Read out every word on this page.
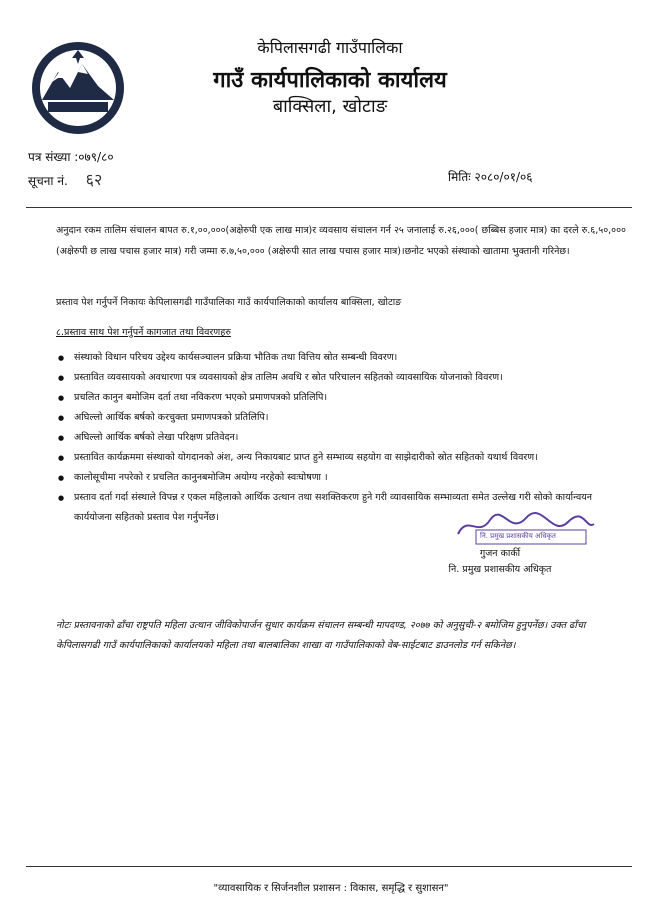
केपिलासगढी गाउँपालिका
गाउँ कार्यपालिकाको कार्यालय
बाक्सिला, खोटाङ
पत्र संख्या :०७९/८०
सूचना नं. ६२	मितिः २०८०/०१/०६
अनुदान रकम तालिम संचालन बापत रु.१,००,०००(अक्षेरुपी एक लाख मात्र)र व्यवसाय संचालन गर्न २५ जनालाई रु.२६,०००( छब्बिस हजार मात्र) का दरले रु.६,५०,००० (अक्षेरुपी छ लाख पचास हजार मात्र) गरी जम्मा रु.७,५०,००० (अक्षेरुपी सात लाख पचास हजार मात्र)।छनोट भएको संस्थाको खातामा भुक्तानी गरिनेछ।
प्रस्ताव पेश गर्नुपर्ने निकायः केपिलासगढी गाउँपालिका गाउँ कार्यपालिकाको कार्यालय बाक्सिला, खोटाङ
८.प्रस्ताव साथ पेश गर्नुपर्ने कागजात तथा विवरणहरु
● संस्थाको विधान परिचय उद्देश्य कार्यसञ्चालन प्रक्रिया भौतिक तथा वित्तिय स्रोत सम्बन्धी विवरण।
● प्रस्तावित व्यवसायको अवधारणा पत्र व्यवसायको क्षेत्र तालिम अवधि र स्रोत परिचालन सहितको व्यावसायिक योजनाको विवरण।
● प्रचलित कानुन बमोजिम दर्ता तथा नविकरण भएको प्रमाणपत्रको प्रतिलिपि।
● अघिल्लो आर्थिक बर्षको करचुक्ता प्रमाणपत्रको प्रतिलिपि।
● अघिल्लो आर्थिक बर्षको लेखा परिक्षण प्रतिवेदन।
● प्रस्तावित कार्यक्रममा संस्थाको योगदानको अंश, अन्य निकायबाट प्राप्त हुने सम्भाव्य सहयोग वा साझेदारीको स्रोत सहितको यथार्थ विवरण।
● कालोसूचीमा नपरेको र प्रचलित कानुनबमोजिम अयोग्य नरहेको स्वःघोषणा ।
● प्रस्ताव दर्ता गर्दा संस्थाले विपन्न र एकल महिलाको आर्थिक उत्थान तथा सशक्तिकरण हुने गरी व्यावसायिक सम्भाव्यता समेत उल्लेख गरी सोको कार्यान्वयन कार्ययोजना सहितको प्रस्ताव पेश गर्नुपर्नेछ।
नि. प्रमुख प्रशासकीय अधिकृत
गुजन कार्की
नि. प्रमुख प्रशासकीय अधिकृत
नोटः प्रस्तावनाको ढाँचा राष्ट्रपति महिला उत्थान जीविकोपार्जन सुधार कार्यक्रम संचालन सम्बन्धी मापदण्ड, २०७७ को अनुसुची-२ बमोजिम हुनुपर्नेछ। उक्त ढाँचा केपिलासगढी गाउँ कार्यपालिकाको कार्यालयको महिला तथा बालबालिका शाखा वा गाउँपालिकाको वेब-साईटबाट डाउनलोड गर्न सकिनेछ।
"व्यावसायिक र सिर्जनशील प्रशासन : विकास, समृद्धि र सुशासन"
